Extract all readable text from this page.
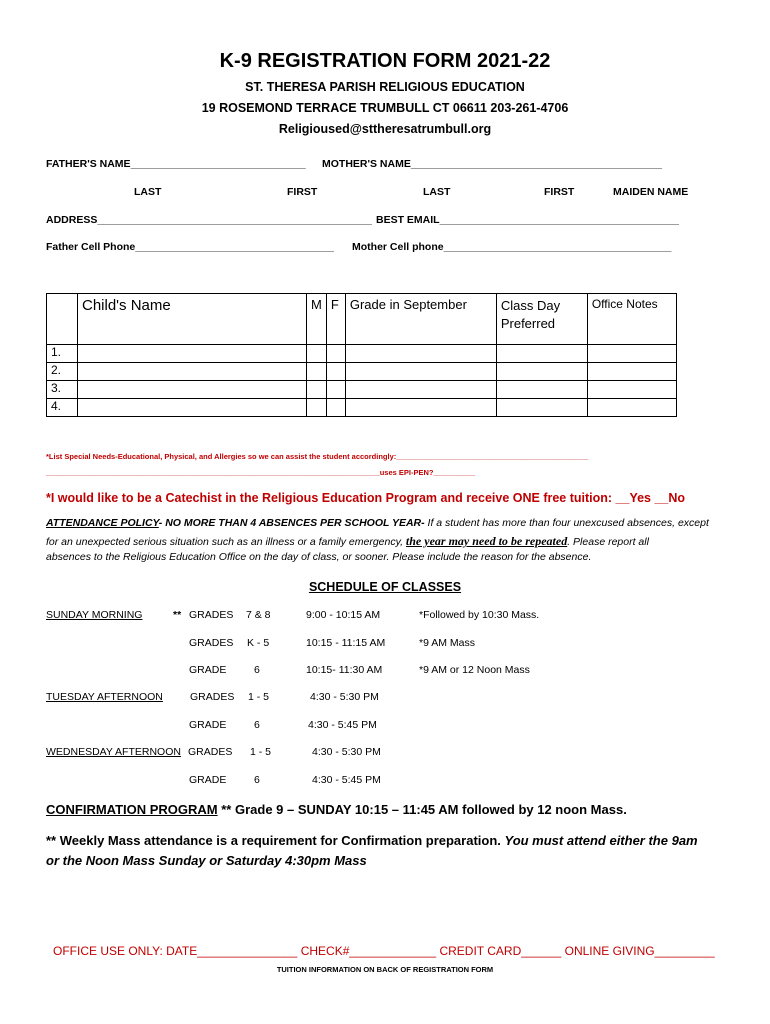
K-9 REGISTRATION FORM 2021-22
ST. THERESA PARISH RELIGIOUS EDUCATION
19 ROSEMOND TERRACE TRUMBULL CT 06611 203-261-4706
Religioused@sttheresatrumbull.org
FATHER'S NAME______________________________ MOTHER'S NAME___________________________________________
LAST	FIRST	LAST	FIRST	MAIDEN NAME
ADDRESS_______________________________________________ BEST EMAIL_________________________________________
Father Cell Phone__________________________________ Mother Cell phone_______________________________________
	Child's Name	M	F	Grade in September	Class Day Preferred	Office Notes
1.						
2.						
3.						
4.						
*List Special Needs-Educational, Physical, and Allergies so we can assist the student accordingly:______________________________________________
________________________________________________________________________________uses EPI-PEN?__________
*I would like to be a Catechist in the Religious Education Program and receive ONE free tuition: __Yes __No
ATTENDANCE POLICY- NO MORE THAN 4 ABSENCES PER SCHOOL YEAR- If a student has more than four unexcused absences, except
for an unexpected serious situation such as an illness or a family emergency, the year may need to be repeated. Please report all
absences to the Religious Education Office on the day of class, or sooner. Please include the reason for the absence.
SCHEDULE OF CLASSES
SUNDAY MORNING	** GRADES 7 & 8	9:00 - 10:15 AM	*Followed by 10:30 Mass.
GRADES K - 5	10:15 - 11:15 AM	*9 AM Mass
GRADE	6	10:15- 11:30 AM	*9 AM or 12 Noon Mass
TUESDAY AFTERNOON	GRADES 1 - 5	4:30 - 5:30 PM
GRADE	6	4:30 - 5:45 PM
WEDNESDAY AFTERNOON GRADES 1 - 5	4:30 - 5:30 PM
GRADE	6	4:30 - 5:45 PM
CONFIRMATION PROGRAM ** Grade 9 – SUNDAY 10:15 – 11:45 AM followed by 12 noon Mass.
** Weekly Mass attendance is a requirement for Confirmation preparation. You must attend either the 9am
or the Noon Mass Sunday or Saturday 4:30pm Mass
OFFICE USE ONLY: DATE_______________ CHECK#_____________ CREDIT CARD______ ONLINE GIVING_________
TUITION INFORMATION ON BACK OF REGISTRATION FORM
